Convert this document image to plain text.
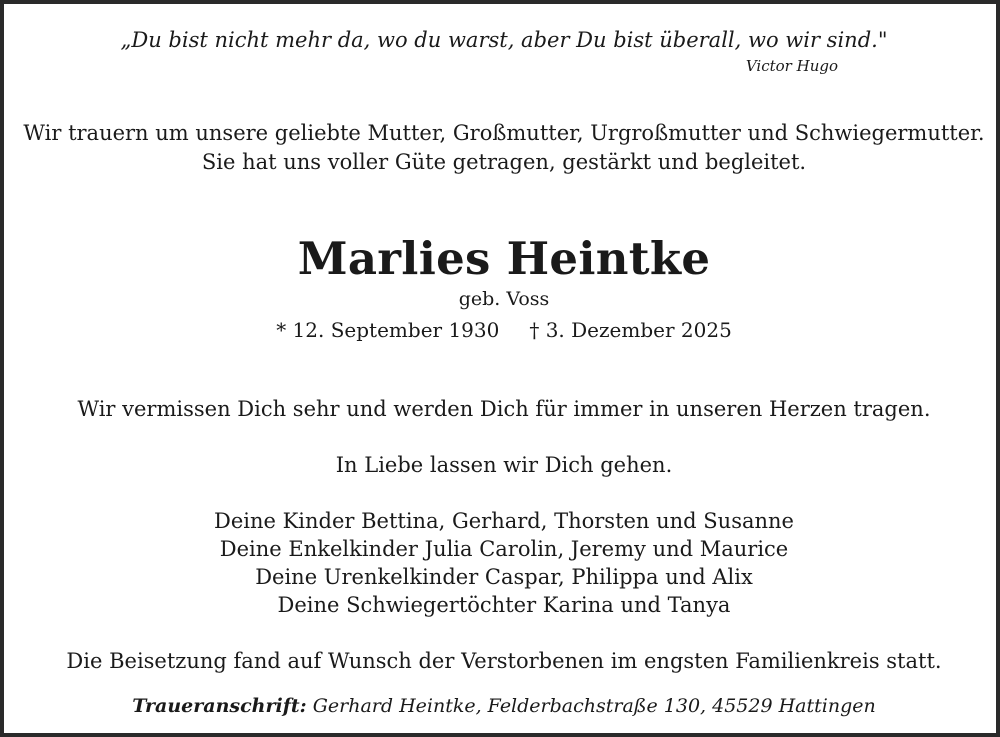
„Du bist nicht mehr da, wo du warst, aber Du bist überall, wo wir sind."
Victor Hugo
Wir trauern um unsere geliebte Mutter, Großmutter, Urgroßmutter und Schwiegermutter.
Sie hat uns voller Güte getragen, gestärkt und begleitet.
Marlies Heintke
geb. Voss
* 12. September 1930 † 3. Dezember 2025
Wir vermissen Dich sehr und werden Dich für immer in unseren Herzen tragen.
In Liebe lassen wir Dich gehen.
Deine Kinder Bettina, Gerhard, Thorsten und Susanne
Deine Enkelkinder Julia Carolin, Jeremy und Maurice
Deine Urenkelkinder Caspar, Philippa und Alix
Deine Schwiegertöchter Karina und Tanya
Die Beisetzung fand auf Wunsch der Verstorbenen im engsten Familienkreis statt.
Traueranschrift: Gerhard Heintke, Felderbachstraße 130, 45529 Hattingen
